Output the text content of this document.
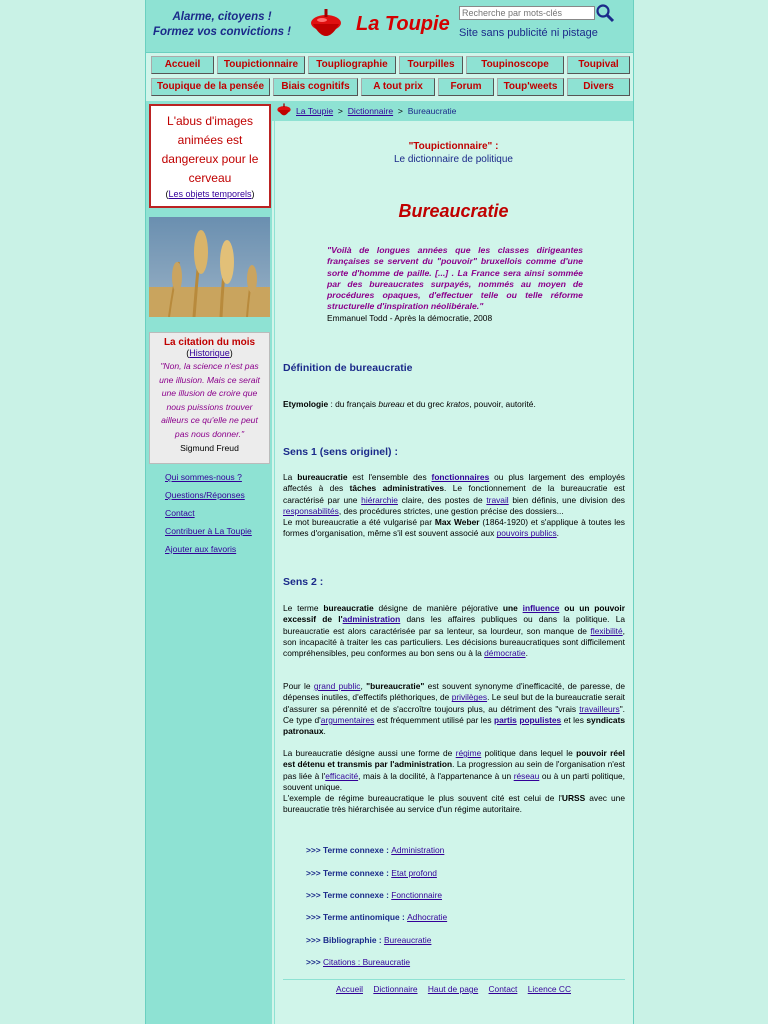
Alarme, citoyens !
Formez vos convictions !	La Toupie
Recherche par mots-clés Site sans publicité ni pistage
Accueil	Toupictionnaire	Toupliographie	Tourpilles	Toupinoscope	Toupival
Toupique de la pensée	Biais cognitifs	A tout prix	Forum	Toup'weets	Divers
L'abus d'images animées est dangereux pour le cerveau
(Les objets temporels)
La citation du mois
(Historique)
"Non, la science n'est pas une illusion. Mais ce serait une illusion de croire que nous puissions trouver ailleurs ce qu'elle ne peut pas nous donner."
Sigmund Freud
Qui sommes-nous ?
Questions/Réponses
Contact
Contribuer à La Toupie
Ajouter aux favoris
La Toupie > Dictionnaire > Bureaucratie
"Toupictionnaire" :
Le dictionnaire de politique
Bureaucratie
"Voilà de longues années que les classes dirigeantes françaises se servent du "pouvoir" bruxellois comme d'une sorte d'homme de paille. [...] . La France sera ainsi sommée par des bureaucrates surpayés, nommés au moyen de procédures opaques, d'effectuer telle ou telle réforme structurelle d'inspiration néolibérale."
Emmanuel Todd - Après la démocratie, 2008
Définition de bureaucratie
Etymologie : du français bureau et du grec kratos, pouvoir, autorité.
Sens 1 (sens originel) :
La bureaucratie est l'ensemble des fonctionnaires ou plus largement des employés affectés à des tâches administratives. Le fonctionnement de la bureaucratie est caractérisé par une hiérarchie claire, des postes de travail bien définis, une division des responsabilités, des procédures strictes, une gestion précise des dossiers...
Le mot bureaucratie a été vulgarisé par Max Weber (1864-1920) et s'applique à toutes les formes d'organisation, même s'il est souvent associé aux pouvoirs publics.
Sens 2 :
Le terme bureaucratie désigne de manière péjorative une influence ou un pouvoir excessif de l'administration dans les affaires publiques ou dans la politique. La bureaucratie est alors caractérisée par sa lenteur, sa lourdeur, son manque de flexibilité, son incapacité à traiter les cas particuliers. Les décisions bureaucratiques sont difficilement compréhensibles, peu conformes au bon sens ou à la démocratie.
Pour le grand public, "bureaucratie" est souvent synonyme d'inefficacité, de paresse, de dépenses inutiles, d'effectifs pléthoriques, de privilèges. Le seul but de la bureaucratie serait d'assurer sa pérennité et de s'accroître toujours plus, au détriment des "vrais travailleurs". Ce type d'argumentaires est fréquemment utilisé par les partis populistes et les syndicats patronaux.
La bureaucratie désigne aussi une forme de régime politique dans lequel le pouvoir réel est détenu et transmis par l'administration. La progression au sein de l'organisation n'est pas liée à l'efficacité, mais à la docilité, à l'appartenance à un réseau ou à un parti politique, souvent unique.
L'exemple de régime bureaucratique le plus souvent cité est celui de l'URSS avec une bureaucratie très hiérarchisée au service d'un régime autoritaire.
>>> Terme connexe : Administration
>>> Terme connexe : Etat profond
>>> Terme connexe : Fonctionnaire
>>> Terme antinomique : Adhocratie
>>> Bibliographie : Bureaucratie
>>> Citations : Bureaucratie
Accueil Dictionnaire Haut de page Contact Licence CC
